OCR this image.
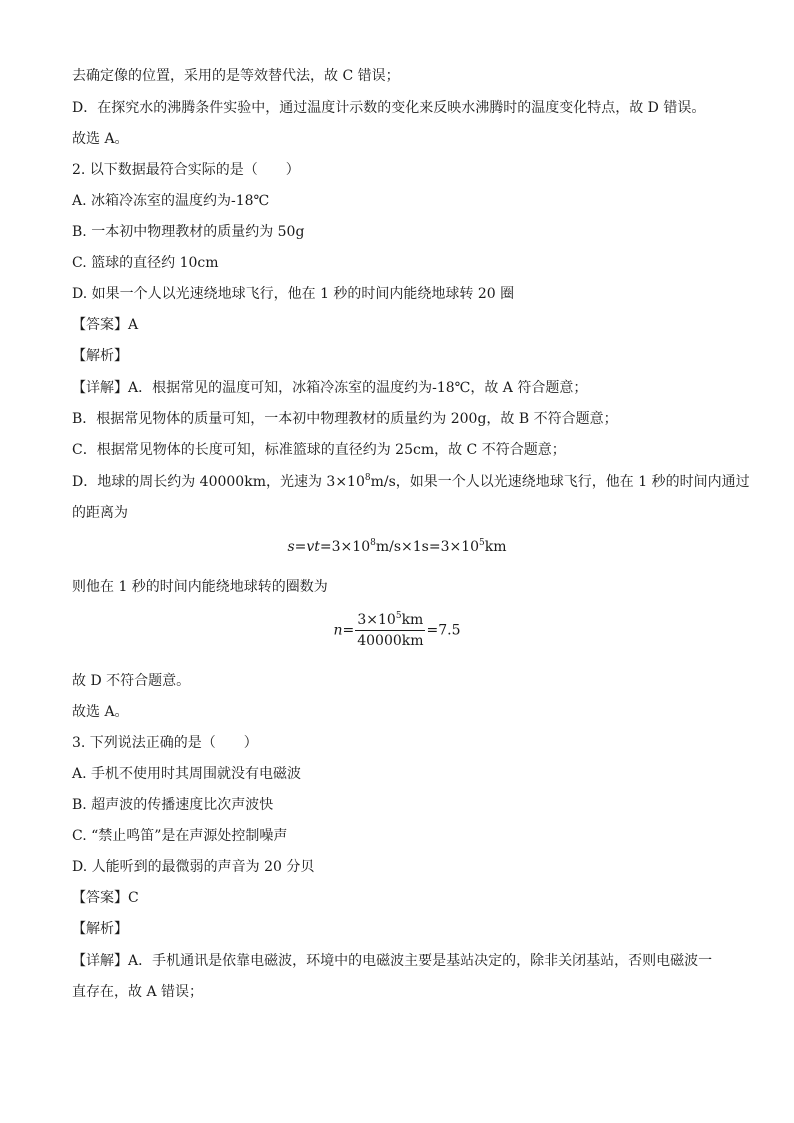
去确定像的位置，采用的是等效替代法，故 C 错误；
D．在探究水的沸腾条件实验中，通过温度计示数的变化来反映水沸腾时的温度变化特点，故 D 错误。
故选 A。
2. 以下数据最符合实际的是（　　）
A. 冰箱冷冻室的温度约为-18℃
B. 一本初中物理教材的质量约为 50g
C. 篮球的直径约 10cm
D. 如果一个人以光速绕地球飞行，他在 1 秒的时间内能绕地球转 20 圈
【答案】A
【解析】
【详解】A．根据常见的温度可知，冰箱冷冻室的温度约为-18℃，故 A 符合题意；
B．根据常见物体的质量可知，一本初中物理教材的质量约为 200g，故 B 不符合题意；
C．根据常见物体的长度可知，标准篮球的直径约为 25cm，故 C 不符合题意；
D．地球的周长约为 40000km，光速为 $3\times 10^8m/s$，如果一个人以光速绕地球飞行，他在 1 秒的时间内通过
的距离为
$s=vt=3\times 10^8m/s\times 1s=3\times 10^5km$
则他在 1 秒的时间内能绕地球转的圈数为
$n= \frac{3\times 10^5km}{40000km} =7.5$
故 D 不符合题意。
故选 A。
3. 下列说法正确的是（　　）
A. 手机不使用时其周围就没有电磁波
B. 超声波的传播速度比次声波快
C. “禁止鸣笛”是在声源处控制噪声
D. 人能听到的最微弱的声音为 20 分贝
【答案】C
【解析】
【详解】A．手机通讯是依靠电磁波，环境中的电磁波主要是基站决定的，除非关闭基站，否则电磁波一
直存在，故 A 错误；
